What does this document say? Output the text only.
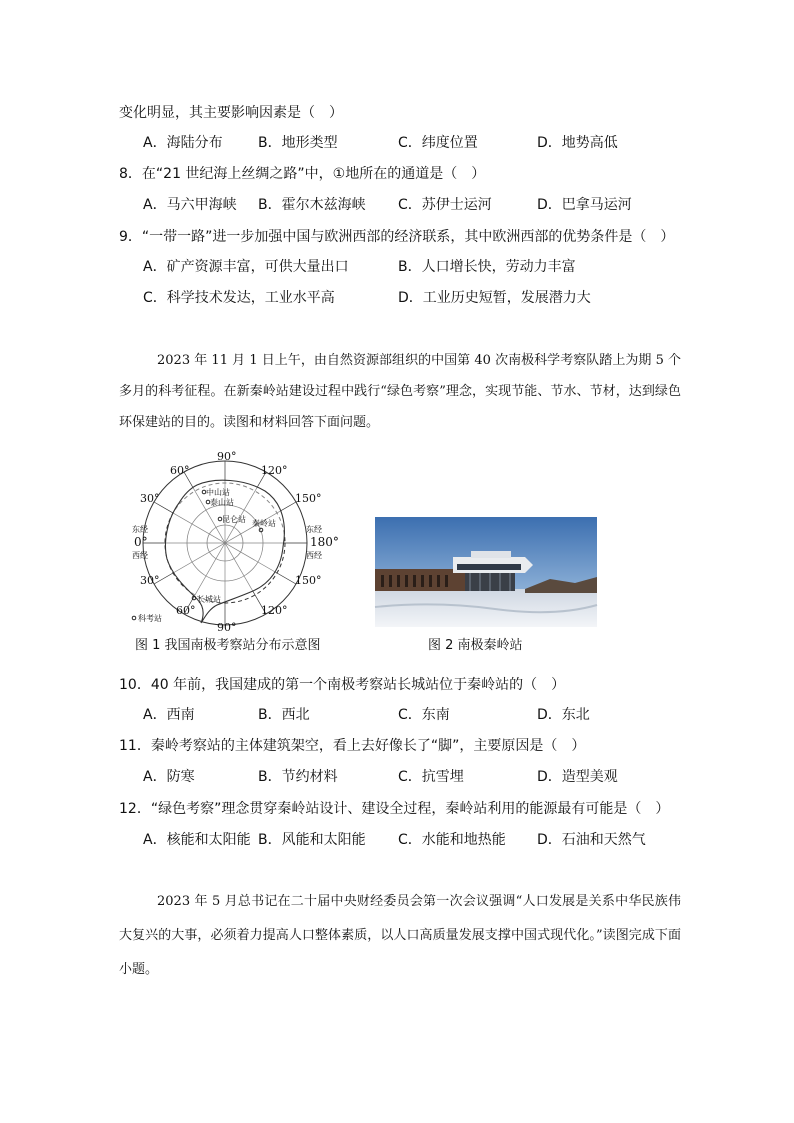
变化明显，其主要影响因素是（　）
A．海陆分布	B．地形类型	C．纬度位置	D．地势高低
8．在“21 世纪海上丝绸之路”中，①地所在的通道是（　）
A．马六甲海峡 B．霍尔木兹海峡 C．苏伊士运河	D．巴拿马运河
9．“一带一路”进一步加强中国与欧洲西部的经济联系，其中欧洲西部的优势条件是（　）
A．矿产资源丰富，可供大量出口	B．人口增长快，劳动力丰富
C．科学技术发达，工业水平高	D．工业历史短暂，发展潜力大
2023 年 11 月 1 日上午，由自然资源部组织的中国第 40 次南极科学考察队踏上为期 5 个多月的科考征程。在新秦岭站建设过程中践行“绿色考察”理念，实现节能、节水、节材，达到绿色环保建站的目的。读图和材料回答下面问题。
90°
60°	120°
30°	150°
0°	180°
30°	150°
60°
90°
120°
东经
西经
东经
西经
中山站
泰山站
昆仑站 秦岭站
长城站
科考站
图 1 我国南极考察站分布示意图	图 2 南极秦岭站
10．40 年前，我国建成的第一个南极考察站长城站位于秦岭站的（　）
A．西南	B．西北	C．东南	D．东北
11．秦岭考察站的主体建筑架空，看上去好像长了“脚”，主要原因是（　）
A．防寒	B．节约材料	C．抗雪埋	D．造型美观
12．“绿色考察”理念贯穿秦岭站设计、建设全过程，秦岭站利用的能源最有可能是（　）
A．核能和太阳能 B．风能和太阳能 C．水能和地热能 D．石油和天然气
2023 年 5 月总书记在二十届中央财经委员会第一次会议强调“人口发展是关系中华民族伟大复兴的大事，必须着力提高人口整体素质，以人口高质量发展支撑中国式现代化。”读图完成下面小题。
